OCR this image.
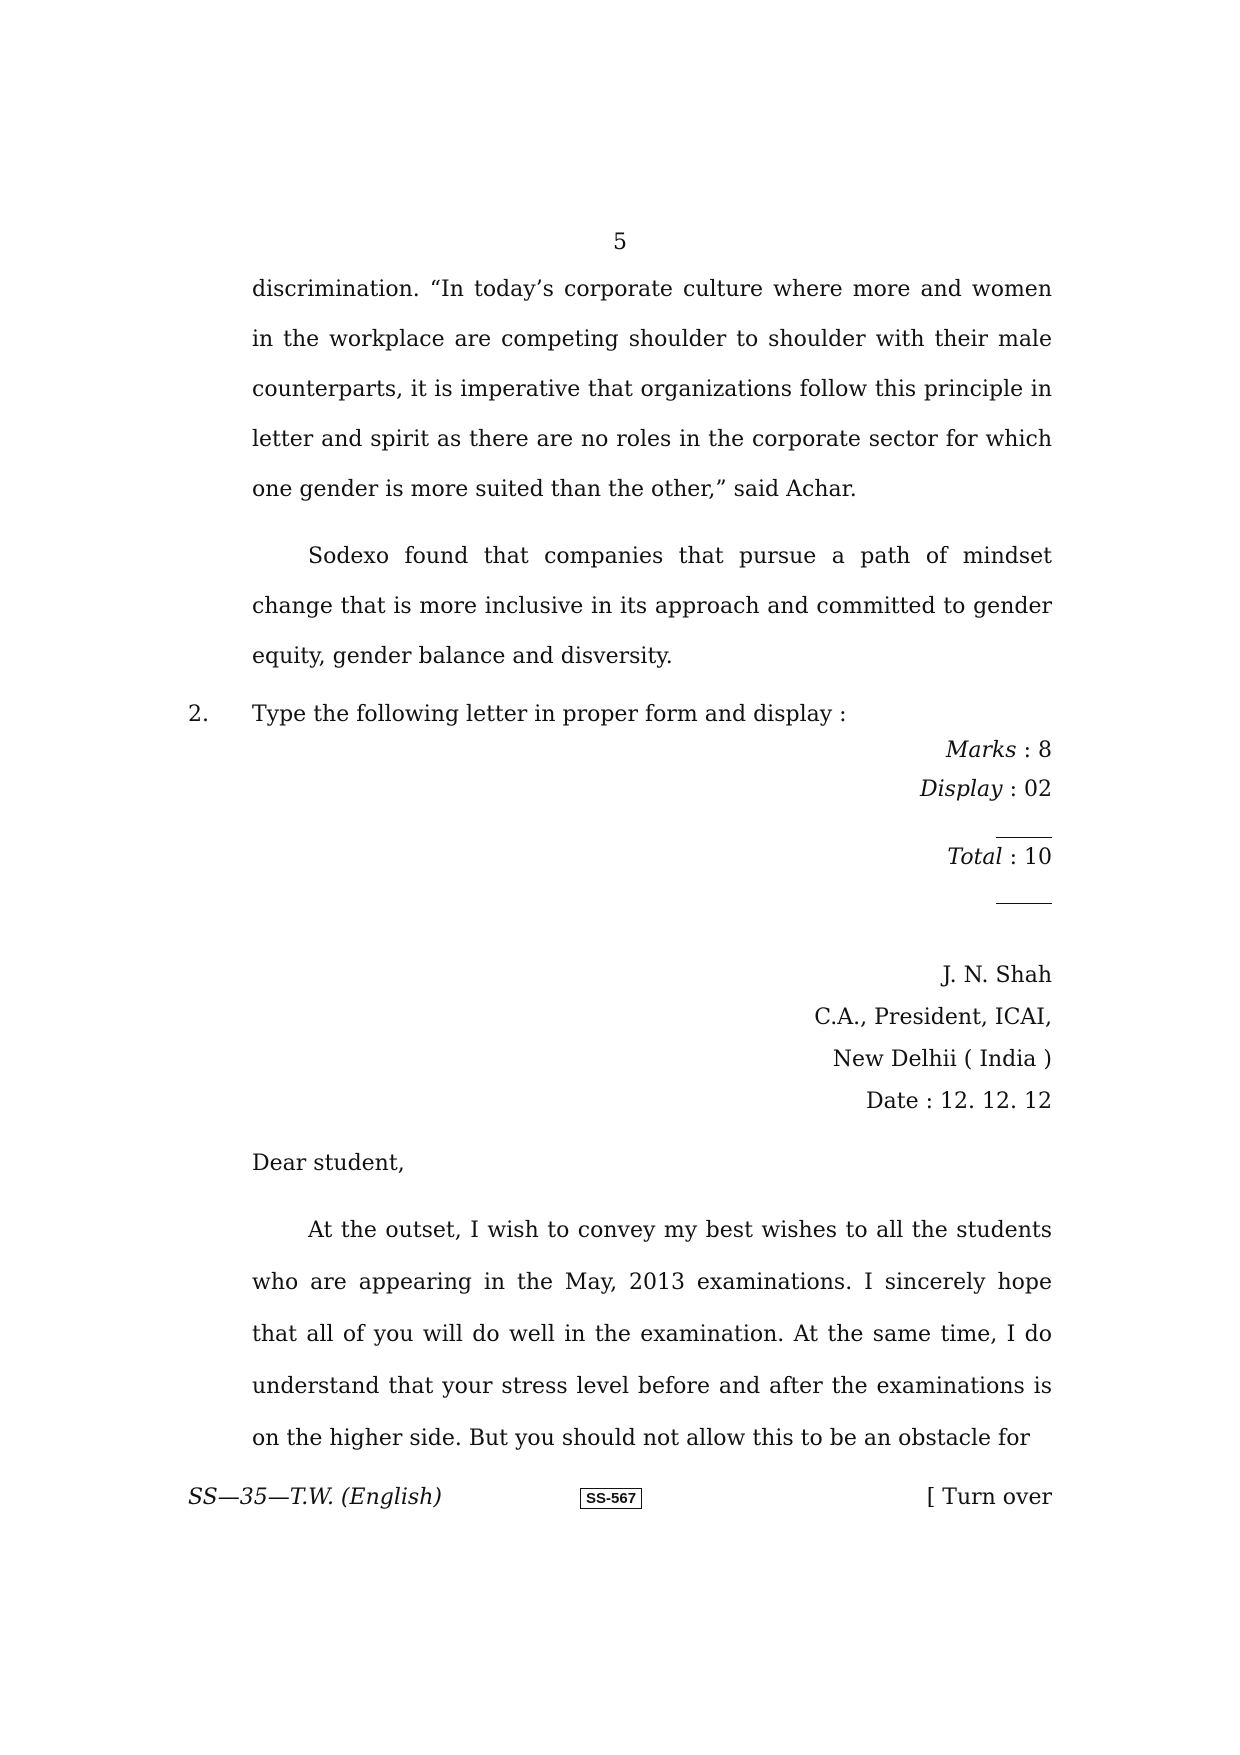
5
discrimination. “In today’s corporate culture where more and women in the workplace are competing shoulder to shoulder with their male counterparts, it is imperative that organizations follow this principle in letter and spirit as there are no roles in the corporate sector for which one gender is more suited than the other,” said Achar.
Sodexo found that companies that pursue a path of mindset change that is more inclusive in its approach and committed to gender equity, gender balance and disversity.
2. Type the following letter in proper form and display :
Marks : 8
Display : 02
Total : 10
J. N. Shah
C.A., President, ICAI,
New Delhii ( India )
Date : 12. 12. 12
Dear student,
At the outset, I wish to convey my best wishes to all the students who are appearing in the May, 2013 examinations. I sincerely hope that all of you will do well in the examination. At the same time, I do understand that your stress level before and after the examinations is on the higher side. But you should not allow this to be an obstacle for
SS—35—T.W. (English)	SS-567	[ Turn over
